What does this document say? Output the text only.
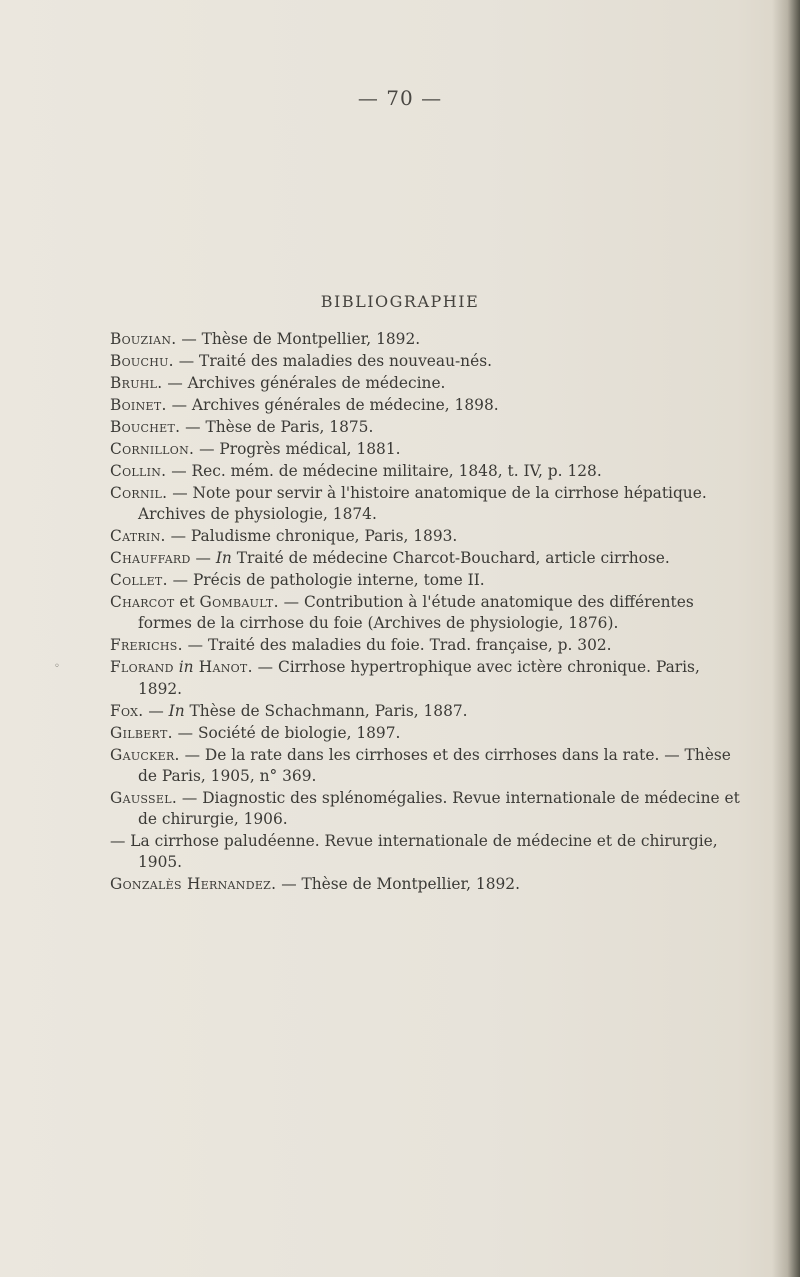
— 70 —
BIBLIOGRAPHIE
◦
Bouzian. — Thèse de Montpellier, 1892.
Bouchu. — Traité des maladies des nouveau-nés.
Bruhl. — Archives générales de médecine.
Boinet. — Archives générales de médecine, 1898.
Bouchet. — Thèse de Paris, 1875.
Cornillon. — Progrès médical, 1881.
Collin. — Rec. mém. de médecine militaire, 1848, t. IV, p. 128.
Cornil. — Note pour servir à l'histoire anatomique de la cirrhose hépatique. Archives de physiologie, 1874.
Catrin. — Paludisme chronique, Paris, 1893.
Chauffard — In Traité de médecine Charcot-Bouchard, article cirrhose.
Collet. — Précis de pathologie interne, tome II.
Charcot et Gombault. — Contribution à l'étude anatomique des différentes formes de la cirrhose du foie (Archives de physiologie, 1876).
Frerichs. — Traité des maladies du foie. Trad. française, p. 302.
Florand in Hanot. — Cirrhose hypertrophique avec ictère chronique. Paris, 1892.
Fox. — In Thèse de Schachmann, Paris, 1887.
Gilbert. — Société de biologie, 1897.
Gaucker. — De la rate dans les cirrhoses et des cirrhoses dans la rate. — Thèse de Paris, 1905, n° 369.
Gaussel. — Diagnostic des splénomégalies. Revue internationale de médecine et de chirurgie, 1906.
— La cirrhose paludéenne. Revue internationale de médecine et de chirurgie, 1905.
Gonzalès Hernandez. — Thèse de Montpellier, 1892.
